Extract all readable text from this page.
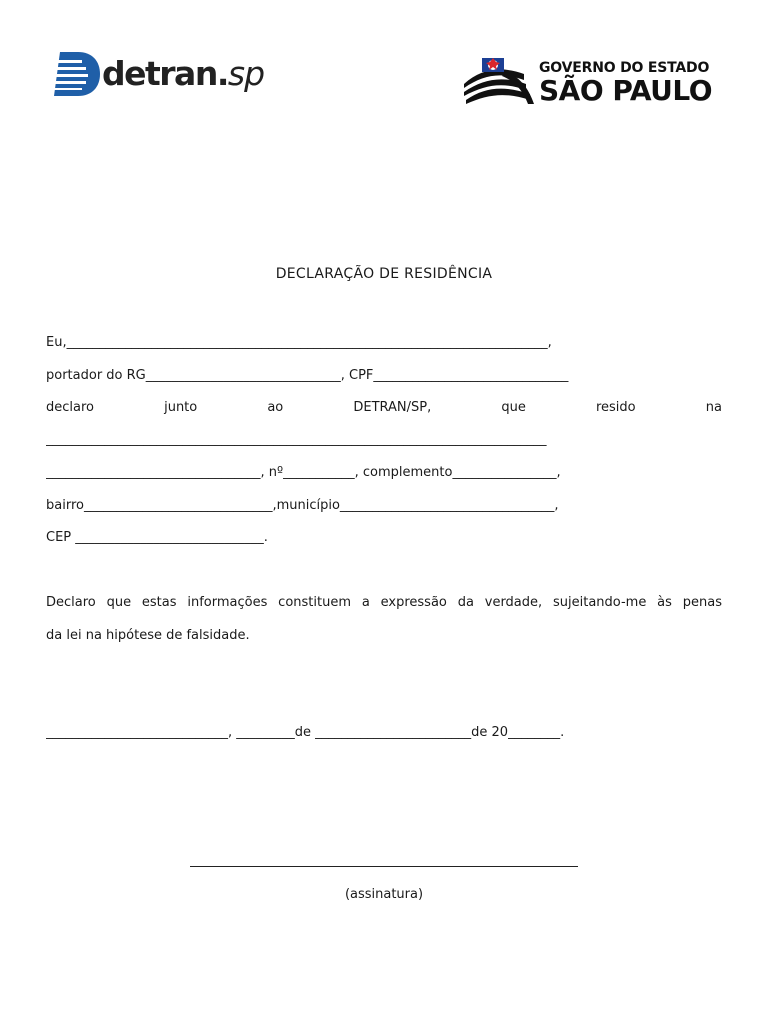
detran.sp	GOVERNO DO ESTADO
SÃO PAULO
DECLARAÇÃO DE RESIDÊNCIA
Eu,__________________________________________________________________________,
portador do RG______________________________, CPF______________________________
declaro	junto	ao	DETRAN/SP,	que	resido	na
_____________________________________________________________________________
_________________________________, nº___________, complemento________________,
bairro_____________________________,município_________________________________,
CEP _____________________________.
Declaro que estas informações constituem a expressão da verdade, sujeitando-me às penas
da lei na hipótese de falsidade.
____________________________, _________de ________________________de 20________.
(assinatura)
